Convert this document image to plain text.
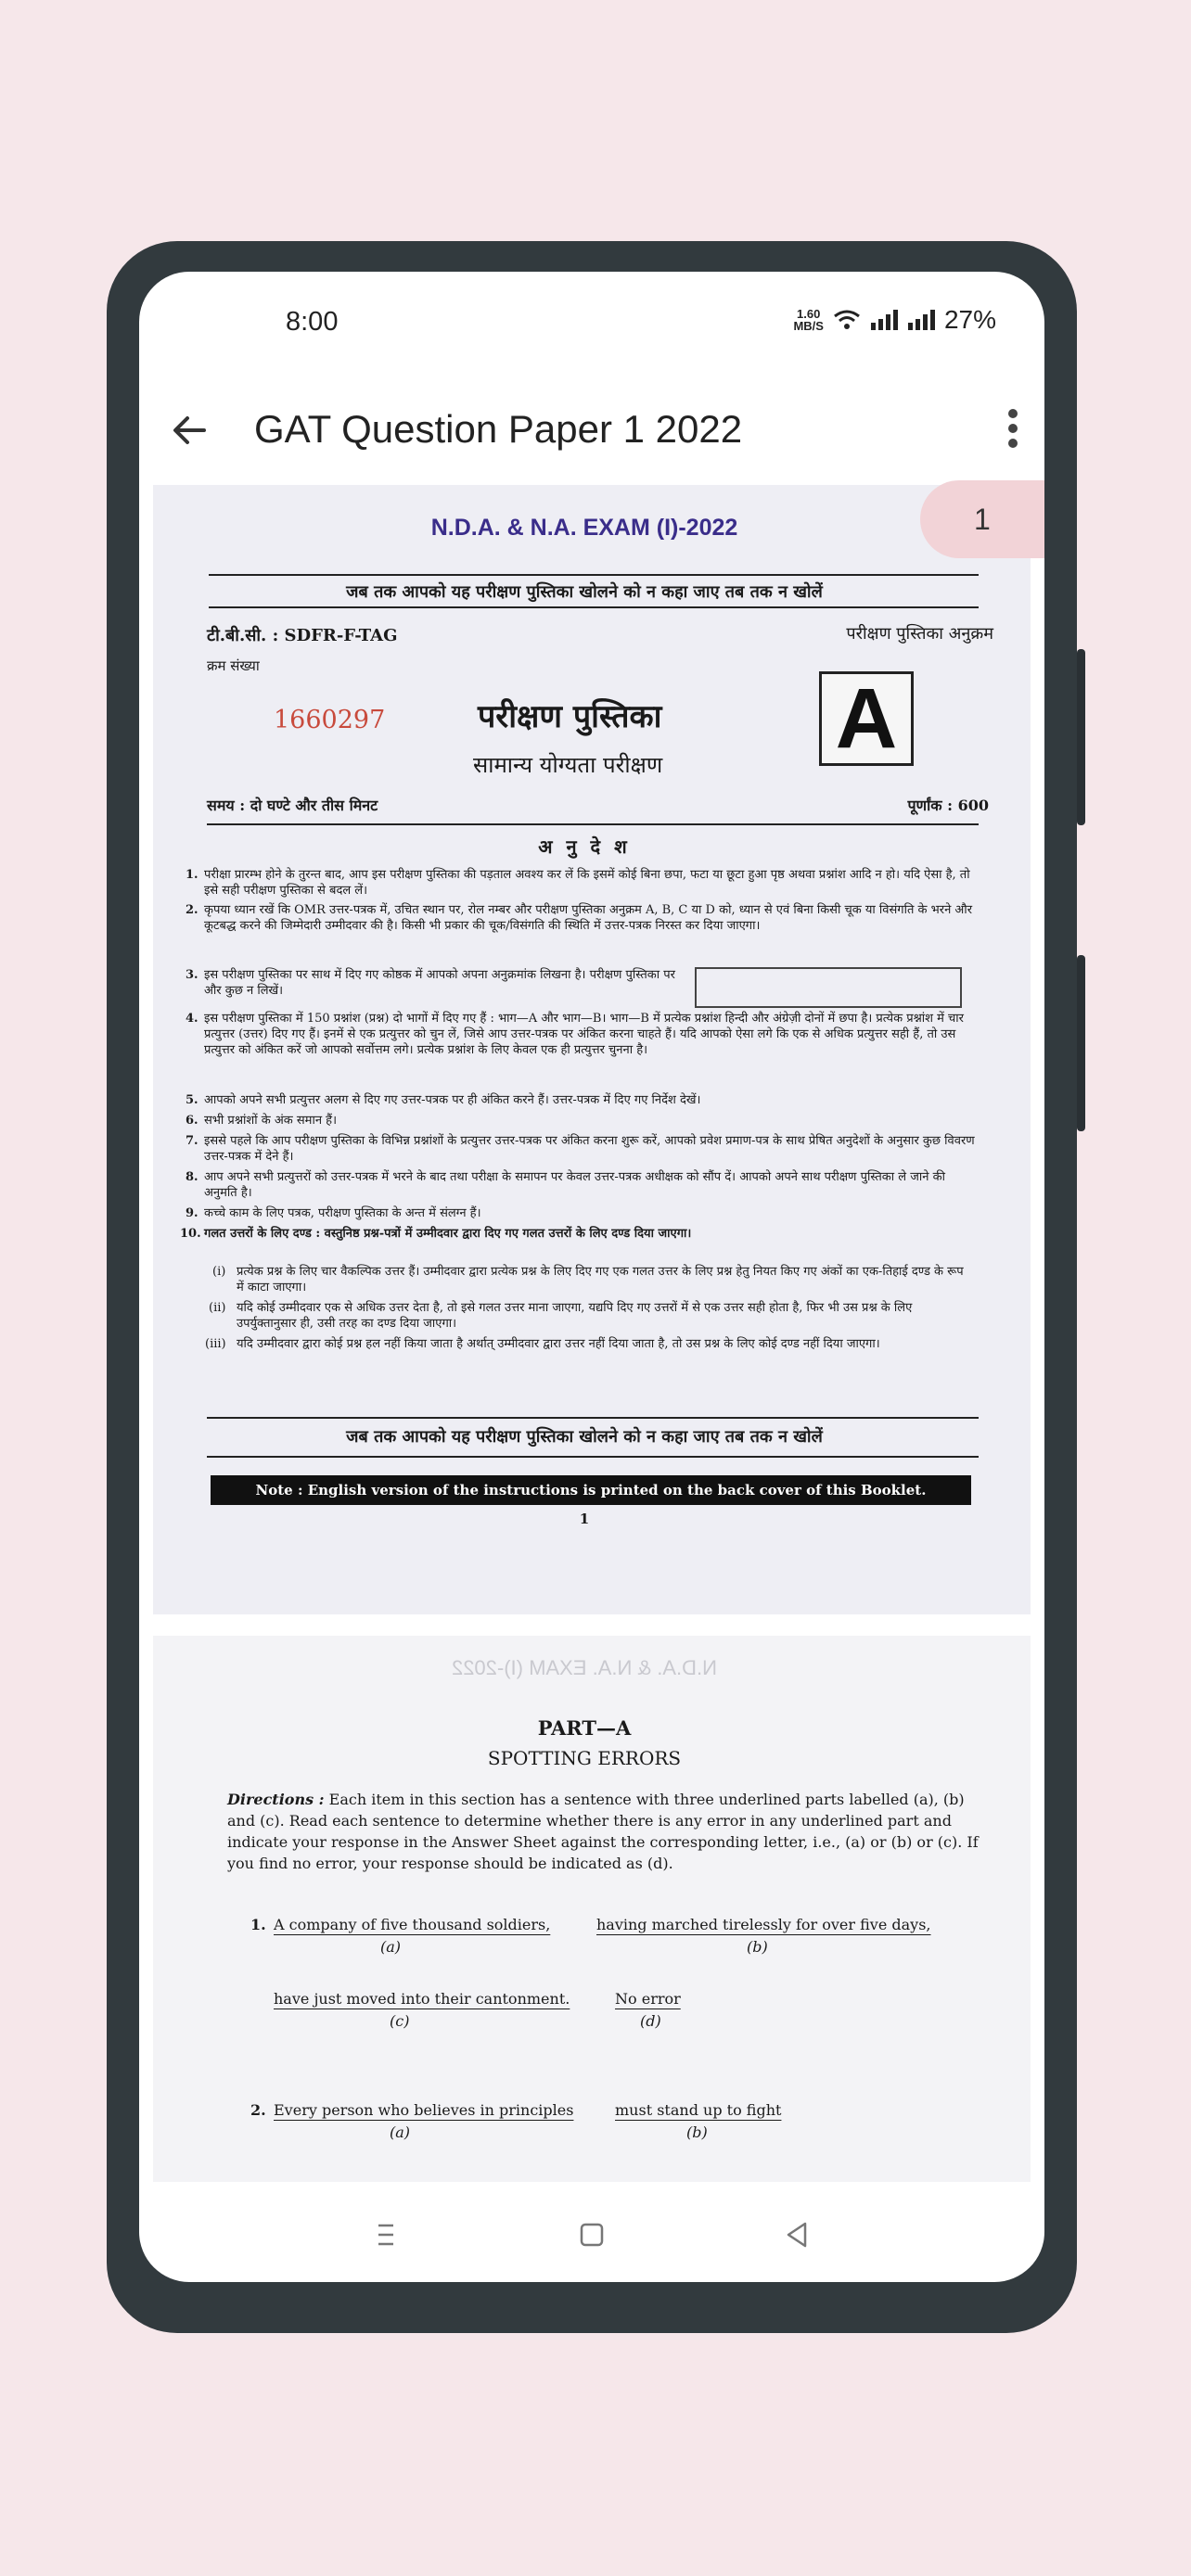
8:00	1.60
MB/S	27%
GAT Question Paper 1 2022
N.D.A. & N.A. EXAM (I)-2022
जब तक आपको यह परीक्षण पुस्तिका खोलने को न कहा जाए तब तक न खोलें
टी.बी.सी. : SDFR-F-TAG	परीक्षण पुस्तिका अनुक्रम
क्रम संख्या
1660297	परीक्षण पुस्तिका
सामान्य योग्यता परीक्षण A
समय : दो घण्टे और तीस मिनट	पूर्णांक : 600
अ नु दे श
1. परीक्षा प्रारम्भ होने के तुरन्त बाद, आप इस परीक्षण पुस्तिका की पड़ताल अवश्य कर लें कि इसमें कोई बिना छपा, फटा या छूटा हुआ पृष्ठ अथवा प्रश्नांश आदि न हो। यदि ऐसा है, तो इसे सही परीक्षण पुस्तिका से बदल लें।
2. कृपया ध्यान रखें कि OMR उत्तर-पत्रक में, उचित स्थान पर, रोल नम्बर और परीक्षण पुस्तिका अनुक्रम A, B, C या D को, ध्यान से एवं बिना किसी चूक या विसंगति के भरने और कूटबद्ध करने की जिम्मेदारी उम्मीदवार की है। किसी भी प्रकार की चूक/विसंगति की स्थिति में उत्तर-पत्रक निरस्त कर दिया जाएगा।
3. इस परीक्षण पुस्तिका पर साथ में दिए गए कोष्ठक में आपको अपना अनुक्रमांक लिखना है। परीक्षण पुस्तिका पर और कुछ न लिखें।
4. इस परीक्षण पुस्तिका में 150 प्रश्नांश (प्रश्न) दो भागों में दिए गए हैं : भाग—A और भाग—B। भाग—B में प्रत्येक प्रश्नांश हिन्दी और अंग्रेज़ी दोनों में छपा है। प्रत्येक प्रश्नांश में चार प्रत्युत्तर (उत्तर) दिए गए हैं। इनमें से एक प्रत्युत्तर को चुन लें, जिसे आप उत्तर-पत्रक पर अंकित करना चाहते हैं। यदि आपको ऐसा लगे कि एक से अधिक प्रत्युत्तर सही हैं, तो उस प्रत्युत्तर को अंकित करें जो आपको सर्वोत्तम लगे। प्रत्येक प्रश्नांश के लिए केवल एक ही प्रत्युत्तर चुनना है।
5. आपको अपने सभी प्रत्युत्तर अलग से दिए गए उत्तर-पत्रक पर ही अंकित करने हैं। उत्तर-पत्रक में दिए गए निर्देश देखें।
6. सभी प्रश्नांशों के अंक समान हैं।
7. इससे पहले कि आप परीक्षण पुस्तिका के विभिन्न प्रश्नांशों के प्रत्युत्तर उत्तर-पत्रक पर अंकित करना शुरू करें, आपको प्रवेश प्रमाण-पत्र के साथ प्रेषित अनुदेशों के अनुसार कुछ विवरण उत्तर-पत्रक में देने हैं।
8. आप अपने सभी प्रत्युत्तरों को उत्तर-पत्रक में भरने के बाद तथा परीक्षा के समापन पर केवल उत्तर-पत्रक अधीक्षक को सौंप दें। आपको अपने साथ परीक्षण पुस्तिका ले जाने की अनुमति है।
9. कच्चे काम के लिए पत्रक, परीक्षण पुस्तिका के अन्त में संलग्न हैं।
10. गलत उत्तरों के लिए दण्ड : वस्तुनिष्ठ प्रश्न-पत्रों में उम्मीदवार द्वारा दिए गए गलत उत्तरों के लिए दण्ड दिया जाएगा।
(i) प्रत्येक प्रश्न के लिए चार वैकल्पिक उत्तर हैं। उम्मीदवार द्वारा प्रत्येक प्रश्न के लिए दिए गए एक गलत उत्तर के लिए प्रश्न हेतु नियत किए गए अंकों का एक-तिहाई दण्ड के रूप में काटा जाएगा।
(ii) यदि कोई उम्मीदवार एक से अधिक उत्तर देता है, तो इसे गलत उत्तर माना जाएगा, यद्यपि दिए गए उत्तरों में से एक उत्तर सही होता है, फिर भी उस प्रश्न के लिए उपर्युक्तानुसार ही, उसी तरह का दण्ड दिया जाएगा।
(iii) यदि उम्मीदवार द्वारा कोई प्रश्न हल नहीं किया जाता है अर्थात् उम्मीदवार द्वारा उत्तर नहीं दिया जाता है, तो उस प्रश्न के लिए कोई दण्ड नहीं दिया जाएगा।
जब तक आपको यह परीक्षण पुस्तिका खोलने को न कहा जाए तब तक न खोलें
Note : English version of the instructions is printed on the back cover of this Booklet.
1
N.D.A. & N.A. EXAM (I)-2022
PART—A
SPOTTING ERRORS
Directions : Each item in this section has a sentence with three underlined parts labelled (a), (b) and (c). Read each sentence to determine whether there is any error in any underlined part and indicate your response in the Answer Sheet against the corresponding letter, i.e., (a) or (b) or (c). If you find no error, your response should be indicated as (d).
1. A company of five thousand soldiers,
(a)
having marched tirelessly for over five days,
(b)
have just moved into their cantonment.
(c)
No error
(d)
2. Every person who believes in principles
(a)
must stand up to fight
(b)
1
